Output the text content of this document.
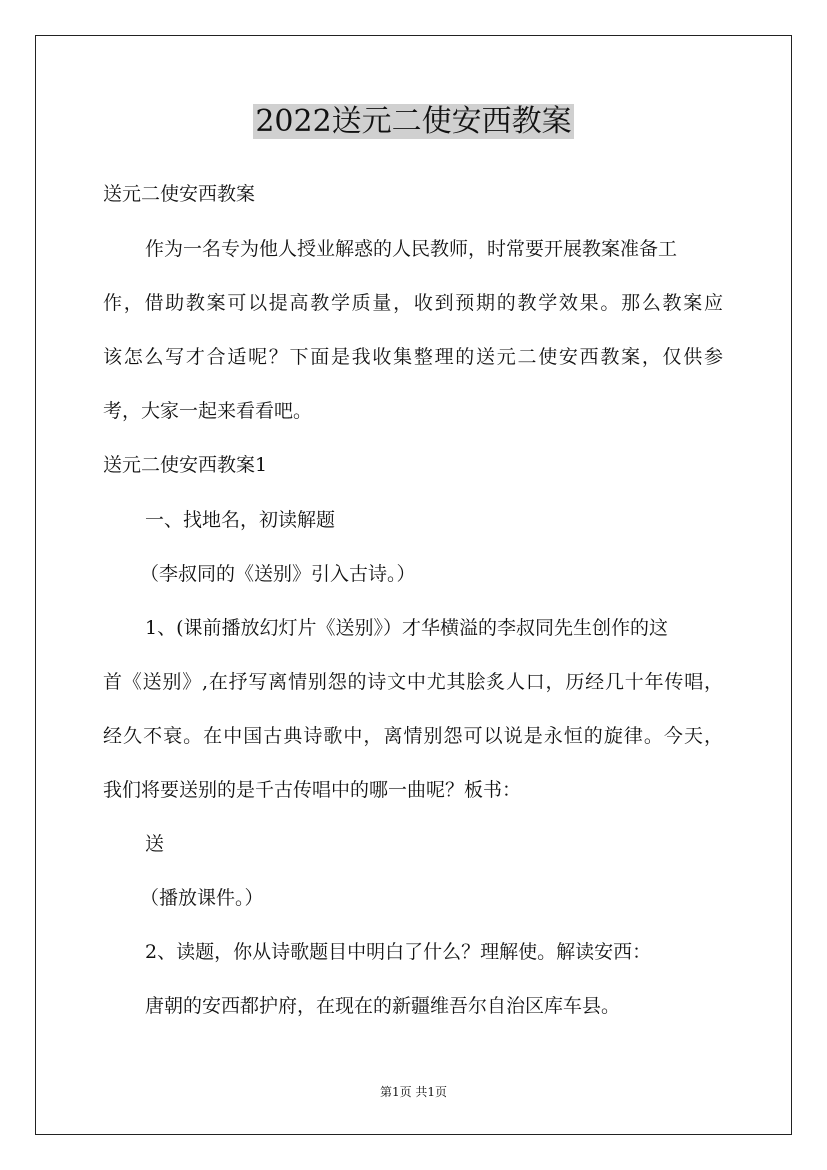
2022送元二使安西教案
送元二使安西教案
作为一名专为他人授业解惑的人民教师，时常要开展教案准备工
作，借助教案可以提高教学质量，收到预期的教学效果。那么教案应
该怎么写才合适呢？下面是我收集整理的送元二使安西教案，仅供参
考，大家一起来看看吧。
送元二使安西教案1
一、找地名，初读解题
（李叔同的《送别》引入古诗。）
1、(课前播放幻灯片《送别》）才华横溢的李叔同先生创作的这
首《送别》,在抒写离情别怨的诗文中尤其脍炙人口，历经几十年传唱，
经久不衰。在中国古典诗歌中，离情别怨可以说是永恒的旋律。今天，
我们将要送别的是千古传唱中的哪一曲呢？板书：
送
（播放课件。）
2、读题，你从诗歌题目中明白了什么？理解使。解读安西：
唐朝的安西都护府，在现在的新疆维吾尔自治区库车县。
第1页 共1页
